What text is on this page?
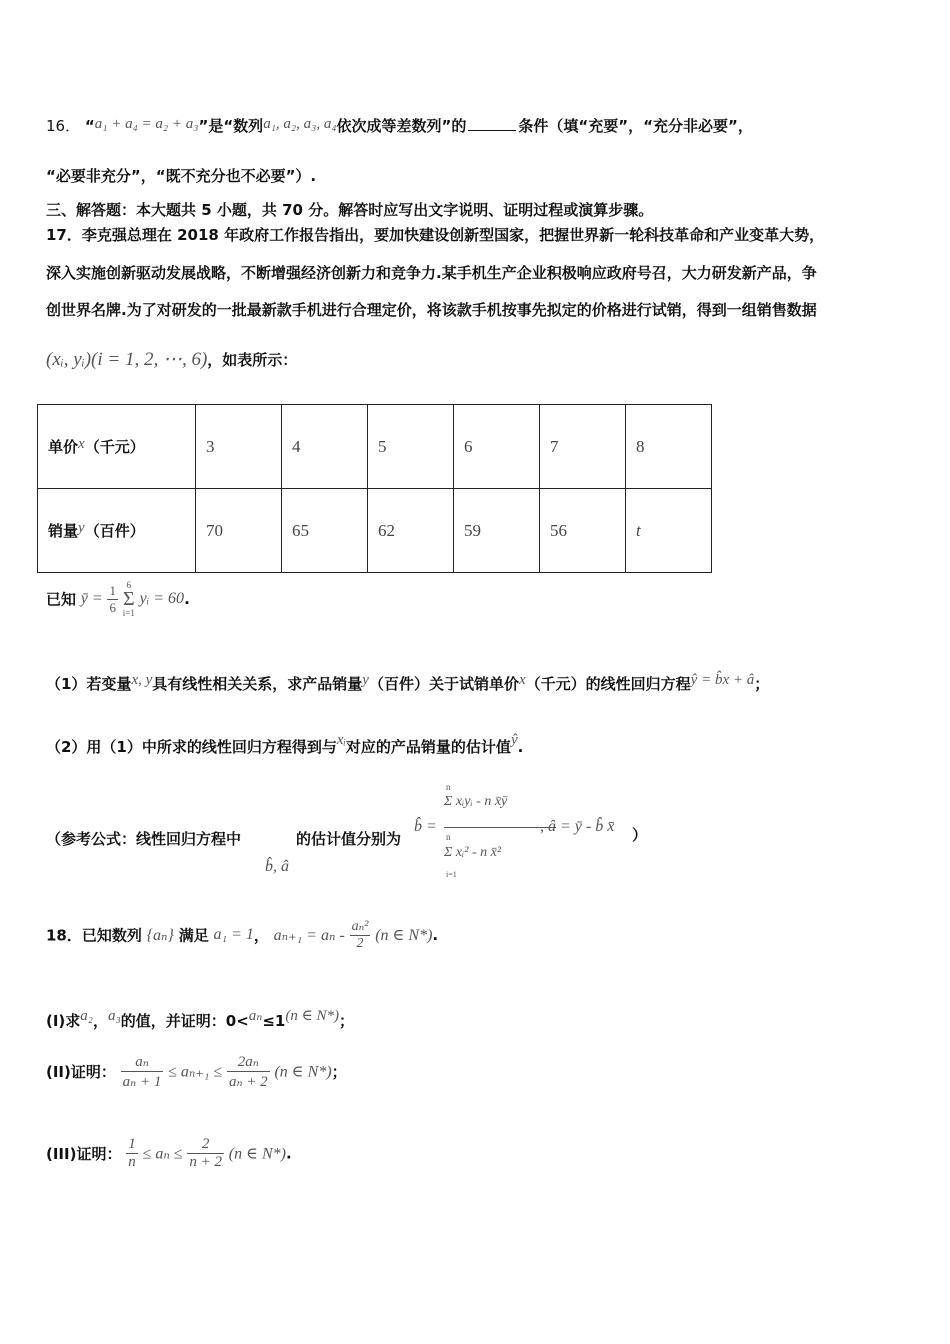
16． “a₁ + a₄ = a₂ + a₃”是“数列a₁, a₂, a₃, a₄依次成等差数列”的	条件（填“充要”，“充分非必要”，
“必要非充分”，“既不充分也不必要”）.
三、解答题：本大题共 5 小题，共 70 分。解答时应写出文字说明、证明过程或演算步骤。
17．李克强总理在 2018 年政府工作报告指出，要加快建设创新型国家，把握世界新一轮科技革命和产业变革大势，
深入实施创新驱动发展战略，不断增强经济创新力和竞争力.某手机生产企业积极响应政府号召，大力研发新产品，争
创世界名牌.为了对研发的一批最新款手机进行合理定价，将该款手机按事先拟定的价格进行试销，得到一组销售数据
(xᵢ, yᵢ)(i = 1, 2, ⋯, 6)，如表所示：
单价x（千元）	3	4	5	6	7	8
销量y（百件）	70	65	62	59	56	t
已知 ȳ = $\frac{1}{6}$
6
Σ
i=1
yᵢ = 60.
（1）若变量x, y具有线性相关关系，求产品销量y（百件）关于试销单价x（千元）的线性回归方程ŷ = b̂x + â；
（2）用（1）中所求的线性回归方程得到与xᵢ对应的产品销量的估计值ŷ.
（参考公式：线性回归方程中	的估计值分别为
b̂, â
b̂ =
n
Σ xᵢyᵢ - n x̄ȳ
n
Σ xᵢ² - n x̄²
i=1
, â = ȳ - b̂ x̄ ）
18．已知数列 {aₙ} 满足 a₁ = 1， $a_{n+1} = a_n - \frac{\text{aₙ²}}{2} (n$ ∈ N*).
(I)求a₂，a₃的值，并证明：0<aₙ≤1(n ∈ N*)；
(II)证明： $\frac{\text{aₙ}}{\text{aₙ + 1}} \le a_{n+1} \le \frac{\text{2aₙ}}{\text{aₙ + 2}} (n$ ∈ N*)；
(III)证明： $\frac{1}{n} \le a_n \le \frac{2}{n + 2} (n$ ∈ N*).
